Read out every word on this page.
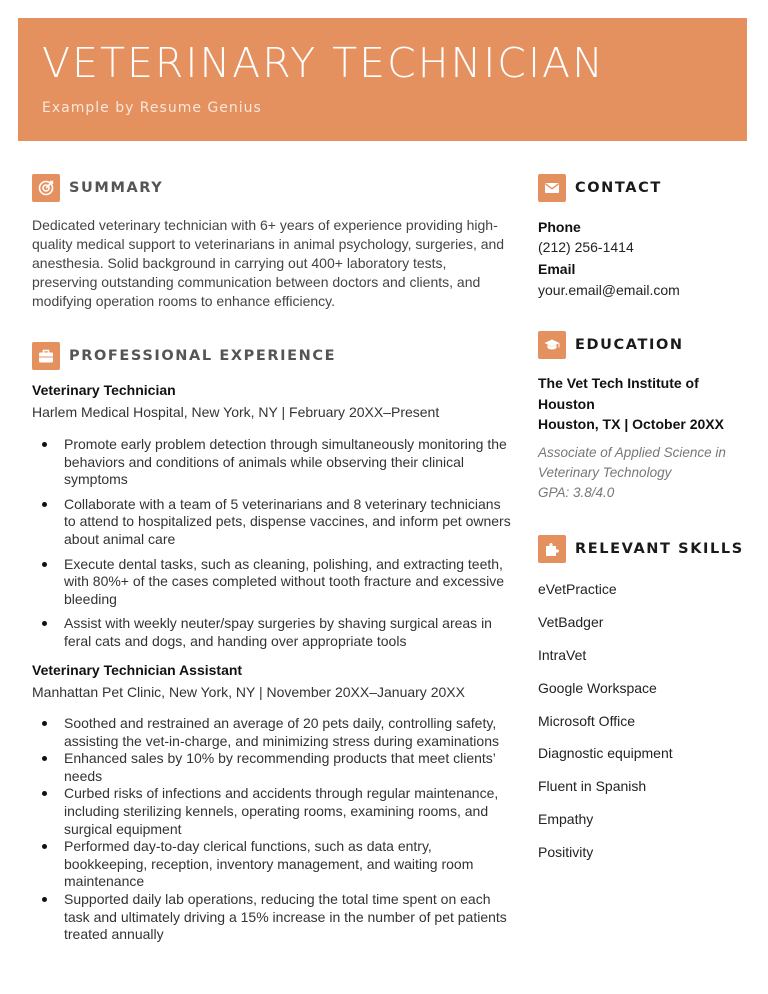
VETERINARY TECHNICIAN
Example by Resume Genius
SUMMARY
Dedicated veterinary technician with 6+ years of experience providing high-quality medical support to veterinarians in animal psychology, surgeries, and anesthesia. Solid background in carrying out 400+ laboratory tests, preserving outstanding communication between doctors and clients, and modifying operation rooms to enhance efficiency.
PROFESSIONAL EXPERIENCE
Veterinary Technician
Harlem Medical Hospital, New York, NY | February 20XX–Present
Promote early problem detection through simultaneously monitoring the behaviors and conditions of animals while observing their clinical symptoms
Collaborate with a team of 5 veterinarians and 8 veterinary technicians to attend to hospitalized pets, dispense vaccines, and inform pet owners about animal care
Execute dental tasks, such as cleaning, polishing, and extracting teeth, with 80%+ of the cases completed without tooth fracture and excessive bleeding
Assist with weekly neuter/spay surgeries by shaving surgical areas in feral cats and dogs, and handing over appropriate tools
Veterinary Technician Assistant
Manhattan Pet Clinic, New York, NY | November 20XX–January 20XX
Soothed and restrained an average of 20 pets daily, controlling safety, assisting the vet-in-charge, and minimizing stress during examinations
Enhanced sales by 10% by recommending products that meet clients’ needs
Curbed risks of infections and accidents through regular maintenance, including sterilizing kennels, operating rooms, examining rooms, and surgical equipment
Performed day-to-day clerical functions, such as data entry, bookkeeping, reception, inventory management, and waiting room maintenance
Supported daily lab operations, reducing the total time spent on each task and ultimately driving a 15% increase in the number of pet patients treated annually
CONTACT
Phone
(212) 256-1414
Email
your.email@email.com
EDUCATION
The Vet Tech Institute of
Houston
Houston, TX | October 20XX
Associate of Applied Science in
Veterinary Technology
GPA: 3.8/4.0
RELEVANT SKILLS
eVetPractice
VetBadger
IntraVet
Google Workspace
Microsoft Office
Diagnostic equipment
Fluent in Spanish
Empathy
Positivity
